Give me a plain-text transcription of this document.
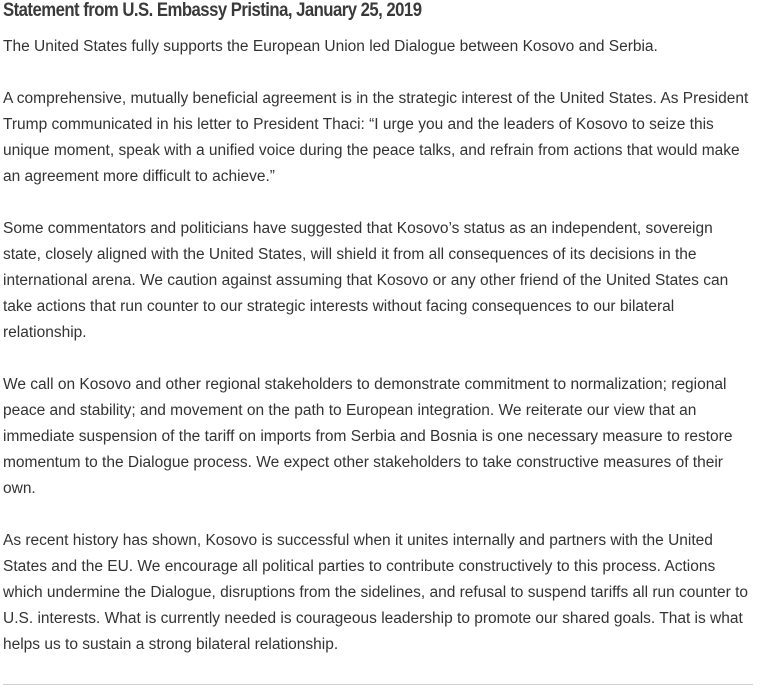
Statement from U.S. Embassy Pristina, January 25, 2019

The United States fully supports the European Union led Dialogue between Kosovo and Serbia.

A comprehensive, mutually beneficial agreement is in the strategic interest of the United States. As President Trump communicated in his letter to President Thaci: “I urge you and the leaders of Kosovo to seize this unique moment, speak with a unified voice during the peace talks, and refrain from actions that would make an agreement more difficult to achieve.”

Some commentators and politicians have suggested that Kosovo’s status as an independent, sovereign state, closely aligned with the United States, will shield it from all consequences of its decisions in the international arena. We caution against assuming that Kosovo or any other friend of the United States can take actions that run counter to our strategic interests without facing consequences to our bilateral relationship.

We call on Kosovo and other regional stakeholders to demonstrate commitment to normalization; regional peace and stability; and movement on the path to European integration. We reiterate our view that an immediate suspension of the tariff on imports from Serbia and Bosnia is one necessary measure to restore momentum to the Dialogue process. We expect other stakeholders to take constructive measures of their own.

As recent history has shown, Kosovo is successful when it unites internally and partners with the United States and the EU. We encourage all political parties to contribute constructively to this process. Actions which undermine the Dialogue, disruptions from the sidelines, and refusal to suspend tariffs all run counter to U.S. interests. What is currently needed is courageous leadership to promote our shared goals. That is what helps us to sustain a strong bilateral relationship.
